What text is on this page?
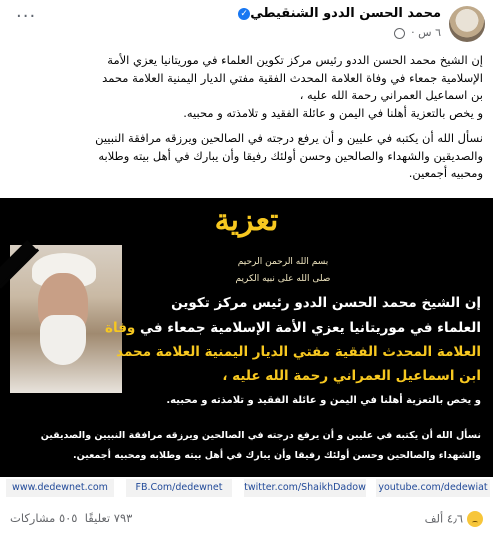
···	محمد الحسن الددو الشنقيطي✓
٦ س ·

إن الشيخ محمد الحسن الددو رئيس مركز تكوين العلماء في موريتانيا يعزي الأمة
الإسلامية جمعاء في وفاة العلامة المحدث الفقية مفتي الديار اليمنية العلامة محمد
بن اسماعيل العمراني رحمة الله عليه ،
و يخص بالتعزية أهلنا في اليمن و عائلة الفقيد و تلامذته و محبيه.

نسأل الله أن يكتبه في عليين و أن يرفع درجته في الصالحين ويرزقه مرافقة النبيين
والصديقين والشهداء والصالحين وحسن أولئك رفيقا وأن يبارك في أهل بيته وطلابه
ومحبيه أجمعين.

تعزية
بسم الله الرحمن الرحيم
صلى الله على نبيه الكريم
إن الشيخ محمد الحسن الددو رئيس مركز تكوين
العلماء في موريتانيا يعزي الأمة الإسلامية جمعاء في وفاة
العلامة المحدث الفقية مفتي الديار اليمنية العلامة محمد
ابن اسماعيل العمراني رحمة الله عليه ،
و يخص بالتعزية أهلنا في اليمن و عائلة الفقيد و تلامذته و محبيه.
نسأل الله أن يكتبه في عليين و أن يرفع درجته في الصالحين ويرزقه مرافقة النبيين والصديقين
والشهداء والصالحين وحسن أولئك رفيقا وأن يبارك في أهل بيته وطلابه ومحبيه أجمعين.
www.dedewnet.com	FB.Com/dedewnet	twitter.com/ShaikhDadow youtube.com/dedewiat
٤٫٦ ألف
٧٩٣ تعليقًا  ٥٠٥ مشاركات
